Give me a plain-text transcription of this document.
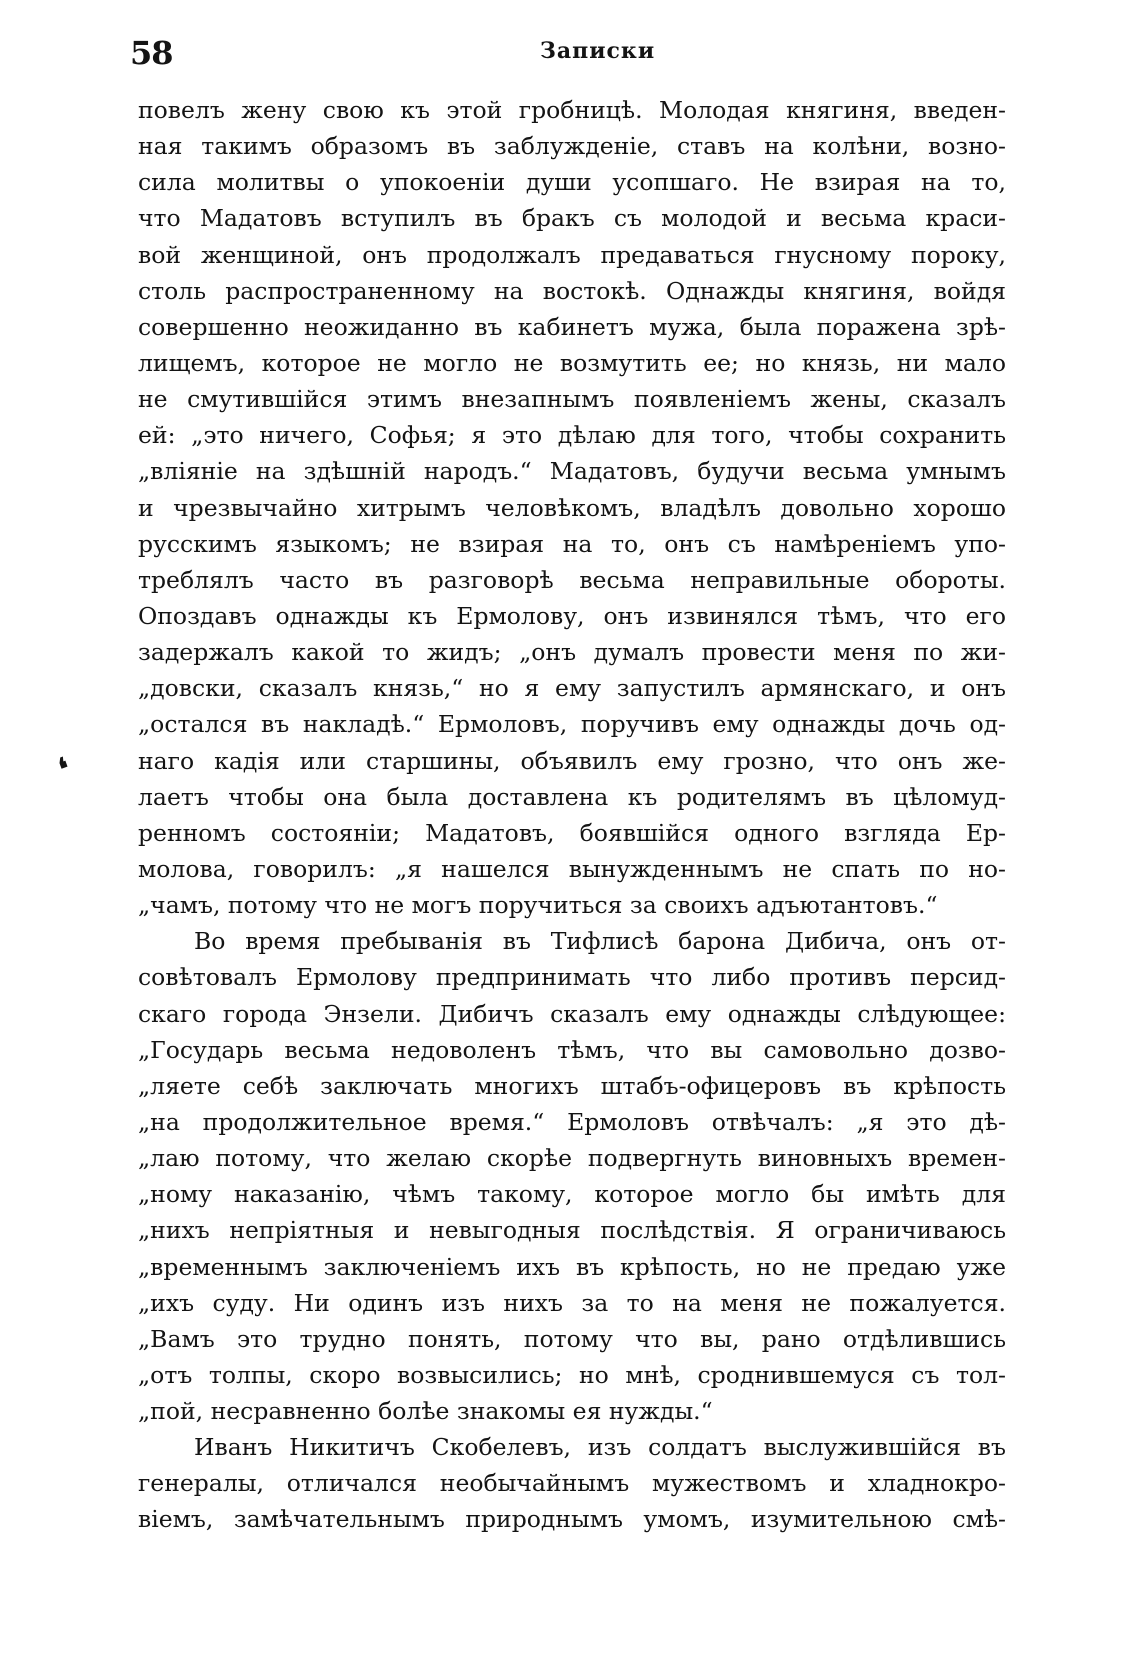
58	Записки
❛
повелъ жену свою къ этой гробницѣ. Молодая княгиня, введен-
ная такимъ образомъ въ заблужденіе, ставъ на колѣни, возно-
сила молитвы о упокоеніи души усопшаго. Не взирая на то,
что Мадатовъ вступилъ въ бракъ съ молодой и весьма краси-
вой женщиной, онъ продолжалъ предаваться гнусному пороку,
столь распространенному на востокѣ. Однажды княгиня, войдя
совершенно неожиданно въ кабинетъ мужа, была поражена зрѣ-
лищемъ, которое не могло не возмутить ее; но князь, ни мало
не смутившійся этимъ внезапнымъ появленіемъ жены, сказалъ
ей: „это ничего, Софья; я это дѣлаю для того, чтобы сохранить
„вліяніе на здѣшній народъ.“ Мадатовъ, будучи весьма умнымъ
и чрезвычайно хитрымъ человѣкомъ, владѣлъ довольно хорошо
русскимъ языкомъ; не взирая на то, онъ съ намѣреніемъ упо-
треблялъ часто въ разговорѣ весьма неправильные обороты.
Опоздавъ однажды къ Ермолову, онъ извинялся тѣмъ, что его
задержалъ какой то жидъ; „онъ думалъ провести меня по жи-
„довски, сказалъ князь,“ но я ему запустилъ армянскаго, и онъ
„остался въ накладѣ.“ Ермоловъ, поручивъ ему однажды дочь од-
наго кадія или старшины, объявилъ ему грозно, что онъ же-
лаетъ чтобы она была доставлена къ родителямъ въ цѣломуд-
ренномъ состояніи; Мадатовъ, боявшійся одного взгляда Ер-
молова, говорилъ: „я нашелся вынужденнымъ не спать по но-
„чамъ, потому что не могъ поручиться за своихъ адъютантовъ.“
Во время пребыванія въ Тифлисѣ барона Дибича, онъ от-
совѣтовалъ Ермолову предпринимать что либо противъ персид-
скаго города Энзели. Дибичъ сказалъ ему однажды слѣдующее:
„Государь весьма недоволенъ тѣмъ, что вы самовольно дозво-
„ляете себѣ заключать многихъ штабъ-офицеровъ въ крѣпость
„на продолжительное время.“ Ермоловъ отвѣчалъ: „я это дѣ-
„лаю потому, что желаю скорѣе подвергнуть виновныхъ времен-
„ному наказанію, чѣмъ такому, которое могло бы имѣть для
„нихъ непріятныя и невыгодныя послѣдствія. Я ограничиваюсь
„временнымъ заключеніемъ ихъ въ крѣпость, но не предаю уже
„ихъ суду. Ни одинъ изъ нихъ за то на меня не пожалуется.
„Вамъ это трудно понять, потому что вы, рано отдѣлившись
„отъ толпы, скоро возвысились; но мнѣ, сроднившемуся съ тол-
„пой, несравненно болѣе знакомы ея нужды.“
Иванъ Никитичъ Скобелевъ, изъ солдатъ выслужившійся въ
генералы, отличался необычайнымъ мужествомъ и хладнокро-
віемъ, замѣчательнымъ природнымъ умомъ, изумительною смѣ-
